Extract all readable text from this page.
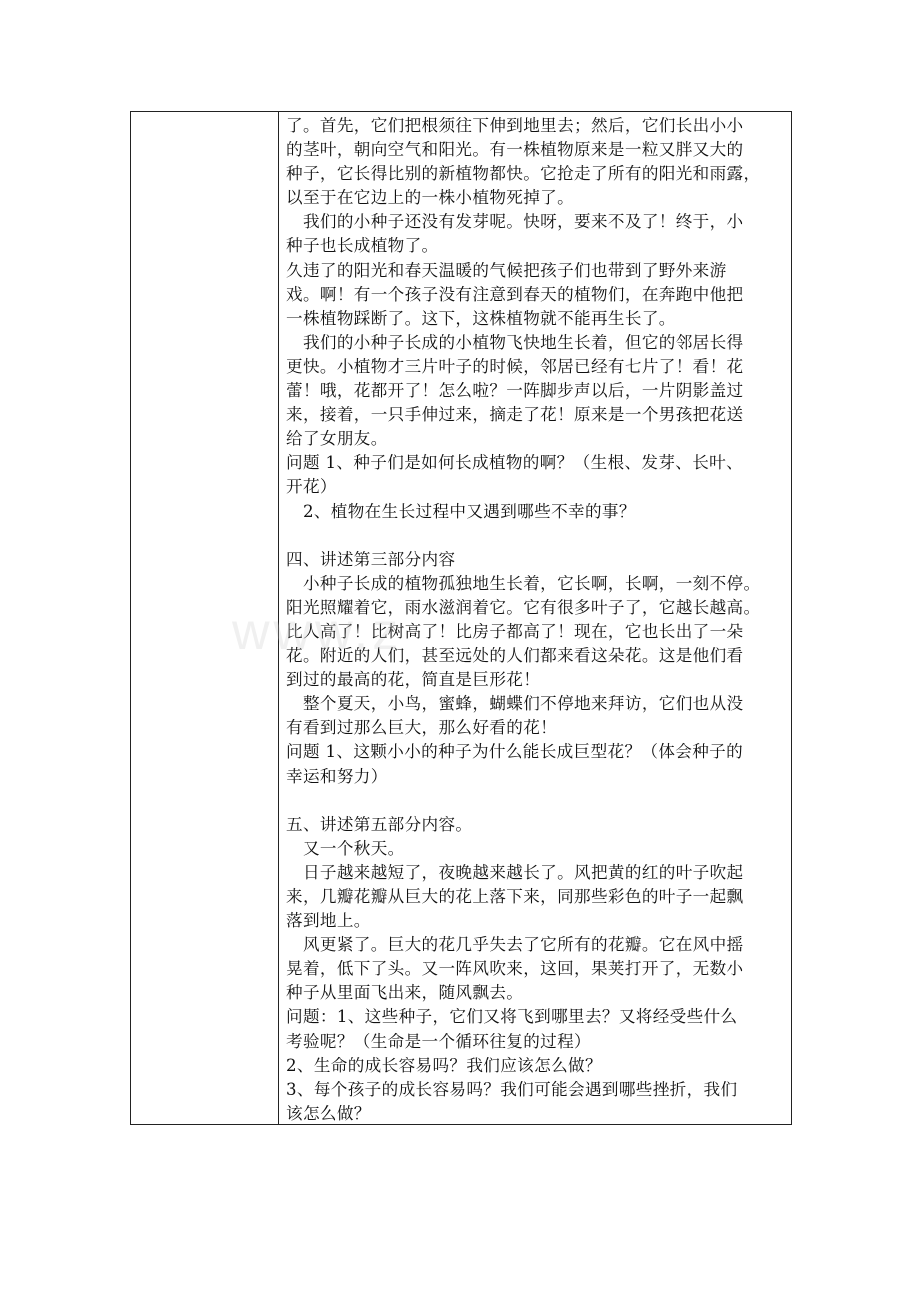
了。首先，它们把根须往下伸到地里去；然后，它们长出小小
的茎叶，朝向空气和阳光。有一株植物原来是一粒又胖又大的
种子，它长得比别的新植物都快。它抢走了所有的阳光和雨露，
以至于在它边上的一株小植物死掉了。
　我们的小种子还没有发芽呢。快呀，要来不及了！终于，小
种子也长成植物了。
久违了的阳光和春天温暖的气候把孩子们也带到了野外来游
戏。啊！有一个孩子没有注意到春天的植物们，在奔跑中他把
一株植物踩断了。这下，这株植物就不能再生长了。
　我们的小种子长成的小植物飞快地生长着，但它的邻居长得
更快。小植物才三片叶子的时候，邻居已经有七片了！看！花
蕾！哦，花都开了！怎么啦？一阵脚步声以后，一片阴影盖过
来，接着，一只手伸过来，摘走了花！原来是一个男孩把花送
给了女朋友。
问题 1、种子们是如何长成植物的啊？（生根、发芽、长叶、
开花）
　2、植物在生长过程中又遇到哪些不幸的事？
四、讲述第三部分内容
　小种子长成的植物孤独地生长着，它长啊，长啊，一刻不停。
阳光照耀着它，雨水滋润着它。它有很多叶子了，它越长越高。
比人高了！比树高了！比房子都高了！现在，它也长出了一朵
花。附近的人们，甚至远处的人们都来看这朵花。这是他们看
到过的最高的花，简直是巨形花！
　整个夏天，小鸟，蜜蜂，蝴蝶们不停地来拜访，它们也从没
有看到过那么巨大，那么好看的花！
问题 1、这颗小小的种子为什么能长成巨型花？（体会种子的
幸运和努力）
五、讲述第五部分内容。
　又一个秋天。
　日子越来越短了，夜晚越来越长了。风把黄的红的叶子吹起
来，几瓣花瓣从巨大的花上落下来，同那些彩色的叶子一起飘
落到地上。
　风更紧了。巨大的花几乎失去了它所有的花瓣。它在风中摇
晃着，低下了头。又一阵风吹来，这回，果荚打开了，无数小
种子从里面飞出来，随风飘去。
问题：1、这些种子，它们又将飞到哪里去？又将经受些什么
考验呢？（生命是一个循环往复的过程）
2、生命的成长容易吗？我们应该怎么做？
3、每个孩子的成长容易吗？我们可能会遇到哪些挫折，我们
该怎么做？
www.z
